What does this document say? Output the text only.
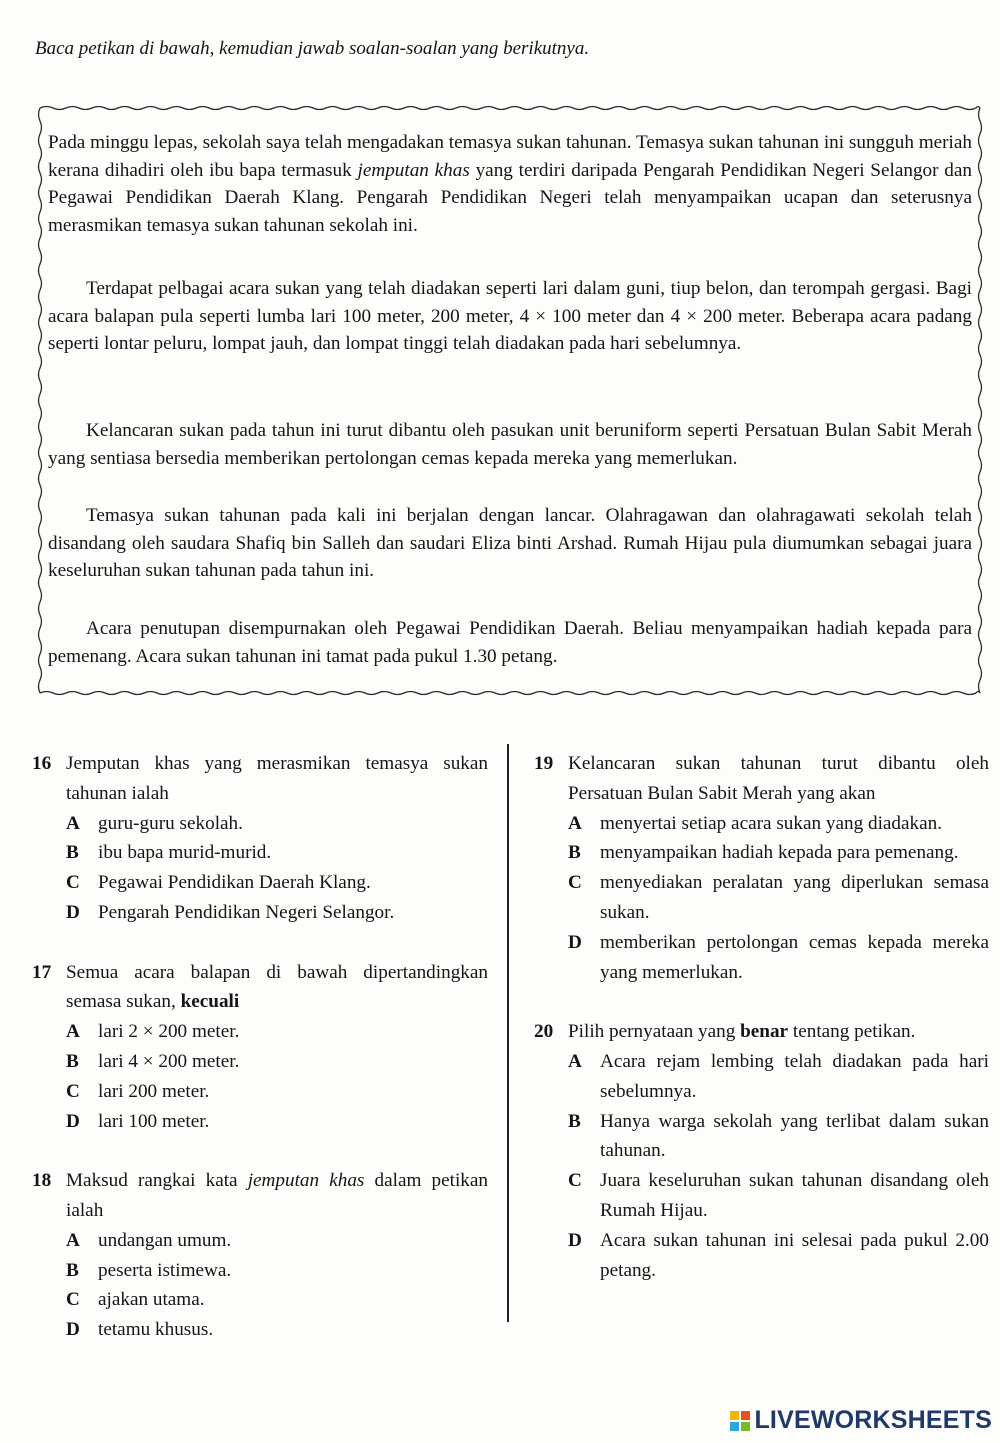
Baca petikan di bawah, kemudian jawab soalan-soalan yang berikutnya.

Pada minggu lepas, sekolah saya telah mengadakan temasya sukan tahunan. Temasya sukan tahunan ini sungguh meriah kerana dihadiri oleh ibu bapa termasuk jemputan khas yang terdiri daripada Pengarah Pendidikan Negeri Selangor dan Pegawai Pendidikan Daerah Klang. Pengarah Pendidikan Negeri telah menyampaikan ucapan dan seterusnya merasmikan temasya sukan tahunan sekolah ini.

Terdapat pelbagai acara sukan yang telah diadakan seperti lari dalam guni, tiup belon, dan terompah gergasi. Bagi acara balapan pula seperti lumba lari 100 meter, 200 meter, 4 × 100 meter dan 4 × 200 meter. Beberapa acara padang seperti lontar peluru, lompat jauh, dan lompat tinggi telah diadakan pada hari sebelumnya.

Kelancaran sukan pada tahun ini turut dibantu oleh pasukan unit beruniform seperti Persatuan Bulan Sabit Merah yang sentiasa bersedia memberikan pertolongan cemas kepada mereka yang memerlukan.

Temasya sukan tahunan pada kali ini berjalan dengan lancar. Olahragawan dan olahragawati sekolah telah disandang oleh saudara Shafiq bin Salleh dan saudari Eliza binti Arshad. Rumah Hijau pula diumumkan sebagai juara keseluruhan sukan tahunan pada tahun ini.

Acara penutupan disempurnakan oleh Pegawai Pendidikan Daerah. Beliau menyampaikan hadiah kepada para pemenang. Acara sukan tahunan ini tamat pada pukul 1.30 petang.

16 Jemputan khas yang merasmikan temasya sukan tahunan ialah
A guru-guru sekolah.
B ibu bapa murid-murid.
C Pegawai Pendidikan Daerah Klang.
D Pengarah Pendidikan Negeri Selangor.
17 Semua acara balapan di bawah dipertandingkan semasa sukan, kecuali
A lari 2 × 200 meter.
B lari 4 × 200 meter.
C lari 200 meter.
D lari 100 meter.
18 Maksud rangkai kata jemputan khas dalam petikan ialah
A undangan umum.
B peserta istimewa.
C ajakan utama.
D tetamu khusus.
19 Kelancaran sukan tahunan turut dibantu oleh Persatuan Bulan Sabit Merah yang akan
A menyertai setiap acara sukan yang diadakan.
B menyampaikan hadiah kepada para pemenang.
C menyediakan peralatan yang diperlukan semasa sukan.
D memberikan pertolongan cemas kepada mereka yang memerlukan.
20 Pilih pernyataan yang benar tentang petikan.
A Acara rejam lembing telah diadakan pada hari sebelumnya.
B Hanya warga sekolah yang terlibat dalam sukan tahunan.
C Juara keseluruhan sukan tahunan disandang oleh Rumah Hijau.
D Acara sukan tahunan ini selesai pada pukul 2.00 petang.
LIVEWORKSHEETS
